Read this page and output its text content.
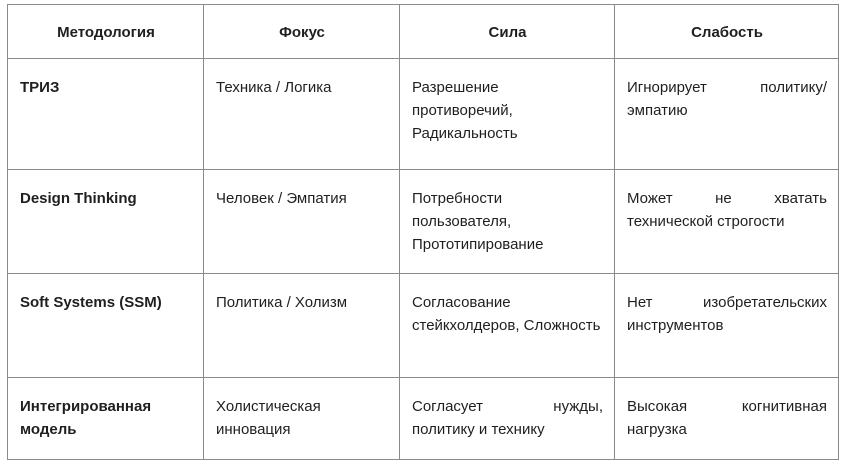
Методология	Фокус	Сила	Слабость
ТРИЗ	Техника / Логика	Разрешение противоречий, Радикальность	Игнорирует политику/эмпатию
Design Thinking	Человек / Эмпатия	Потребности пользователя, Прототипирование	Может не хватать технической строгости
Soft Systems (SSM)	Политика / Холизм	Согласование стейкхолдеров, Сложность	Нет изобретательских инструментов
Интегрированная модель	Холистическая инновация	Согласует нужды, политику и технику	Высокая когнитивная нагрузка
